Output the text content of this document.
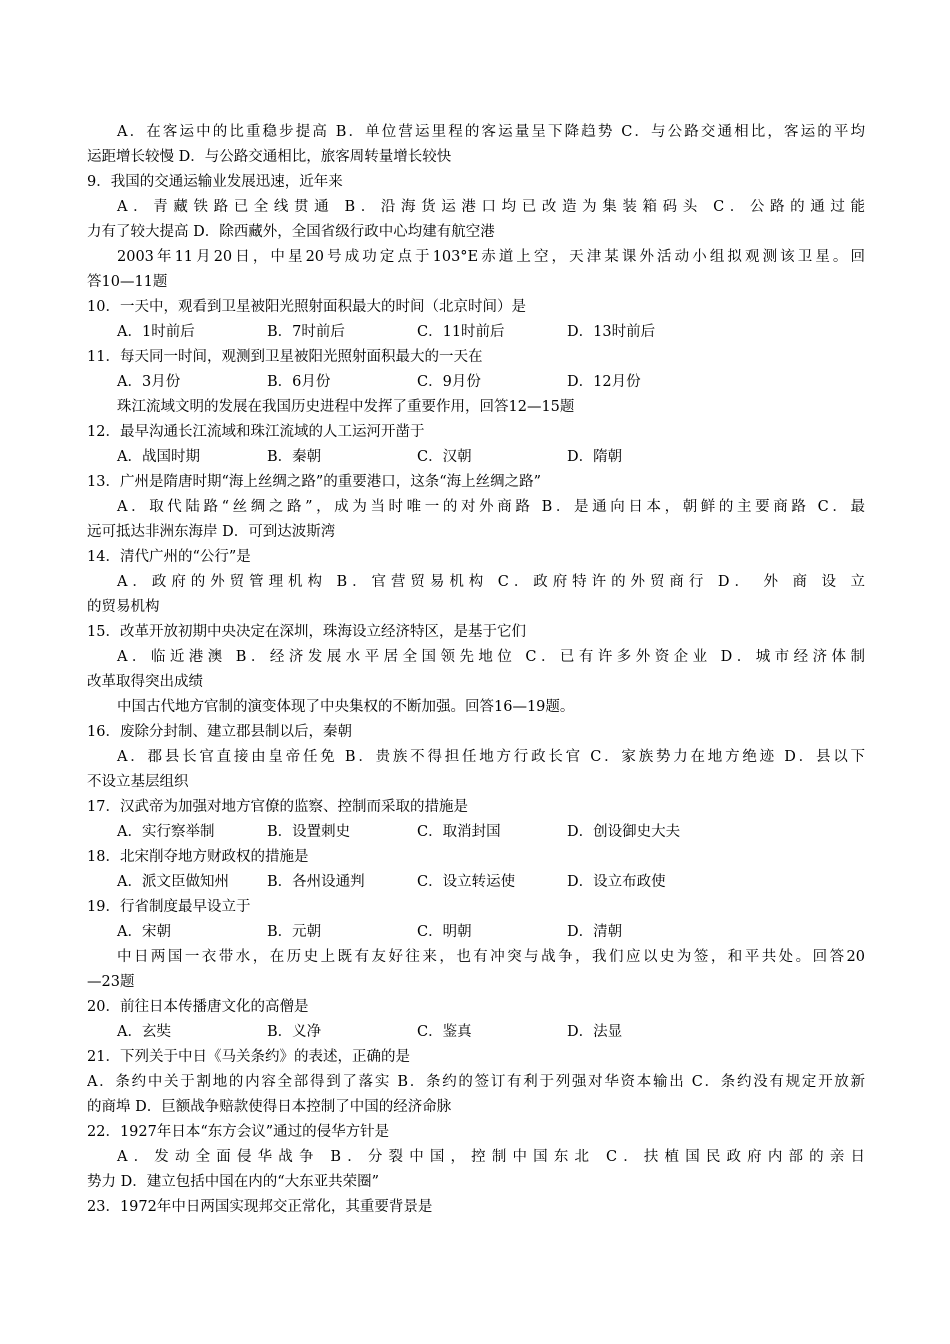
A．在客运中的比重稳步提高 B．单位营运里程的客运量呈下降趋势 C．与公路交通相比，客运的平均
运距增长较慢 D．与公路交通相比，旅客周转量增长较快
9．我国的交通运输业发展迅速，近年来
A．青藏铁路已全线贯通 B．沿海货运港口均已改造为集装箱码头 C．公路的通过能
力有了较大提高 D．除西藏外，全国省级行政中心均建有航空港
2003年11月20日，中星20号成功定点于103°E赤道上空，天津某课外活动小组拟观测该卫星。回
答10—11题
10．一天中，观看到卫星被阳光照射面积最大的时间（北京时间）是
A．1时前后	B．7时前后	C．11时前后	D．13时前后
11．每天同一时间，观测到卫星被阳光照射面积最大的一天在
A．3月份	B．6月份	C．9月份	D．12月份
珠江流域文明的发展在我国历史进程中发挥了重要作用，回答12—15题
12．最早沟通长江流域和珠江流域的人工运河开凿于
A．战国时期	B．秦朝	C．汉朝	D．隋朝
13．广州是隋唐时期“海上丝绸之路”的重要港口，这条“海上丝绸之路”
A．取代陆路“丝绸之路”，成为当时唯一的对外商路 B．是通向日本，朝鲜的主要商路 C．最
远可抵达非洲东海岸 D．可到达波斯湾
14．清代广州的“公行”是
A．政府的外贸管理机构 B．官营贸易机构 C．政府特许的外贸商行 D． 外 商 设 立
的贸易机构
15．改革开放初期中央决定在深圳，珠海设立经济特区，是基于它们
A．临近港澳 B．经济发展水平居全国领先地位 C．已有许多外资企业 D．城市经济体制
改革取得突出成绩
中国古代地方官制的演变体现了中央集权的不断加强。回答16—19题。
16．废除分封制、建立郡县制以后，秦朝
A．郡县长官直接由皇帝任免 B．贵族不得担任地方行政长官 C．家族势力在地方绝迹 D．县以下
不设立基层组织
17．汉武帝为加强对地方官僚的监察、控制而采取的措施是
A．实行察举制	B．设置刺史	C．取消封国	D．创设御史大夫
18．北宋削夺地方财政权的措施是
A．派文臣做知州	B．各州设通判	C．设立转运使	D．设立布政使
19．行省制度最早设立于
A．宋朝	B．元朝	C．明朝	D．清朝
中日两国一衣带水，在历史上既有友好往来，也有冲突与战争，我们应以史为签，和平共处。回答20
—23题
20．前往日本传播唐文化的高僧是
A．玄奘	B．义净	C．鉴真	D．法显
21．下列关于中日《马关条约》的表述，正确的是
A．条约中关于割地的内容全部得到了落实 B．条约的签订有利于列强对华资本输出 C．条约没有规定开放新
的商埠 D．巨额战争赔款使得日本控制了中国的经济命脉
22．1927年日本“东方会议”通过的侵华方针是
A．发动全面侵华战争 B．分裂中国，控制中国东北 C．扶植国民政府内部的亲日
势力 D．建立包括中国在内的“大东亚共荣圈”
23．1972年中日两国实现邦交正常化，其重要背景是
